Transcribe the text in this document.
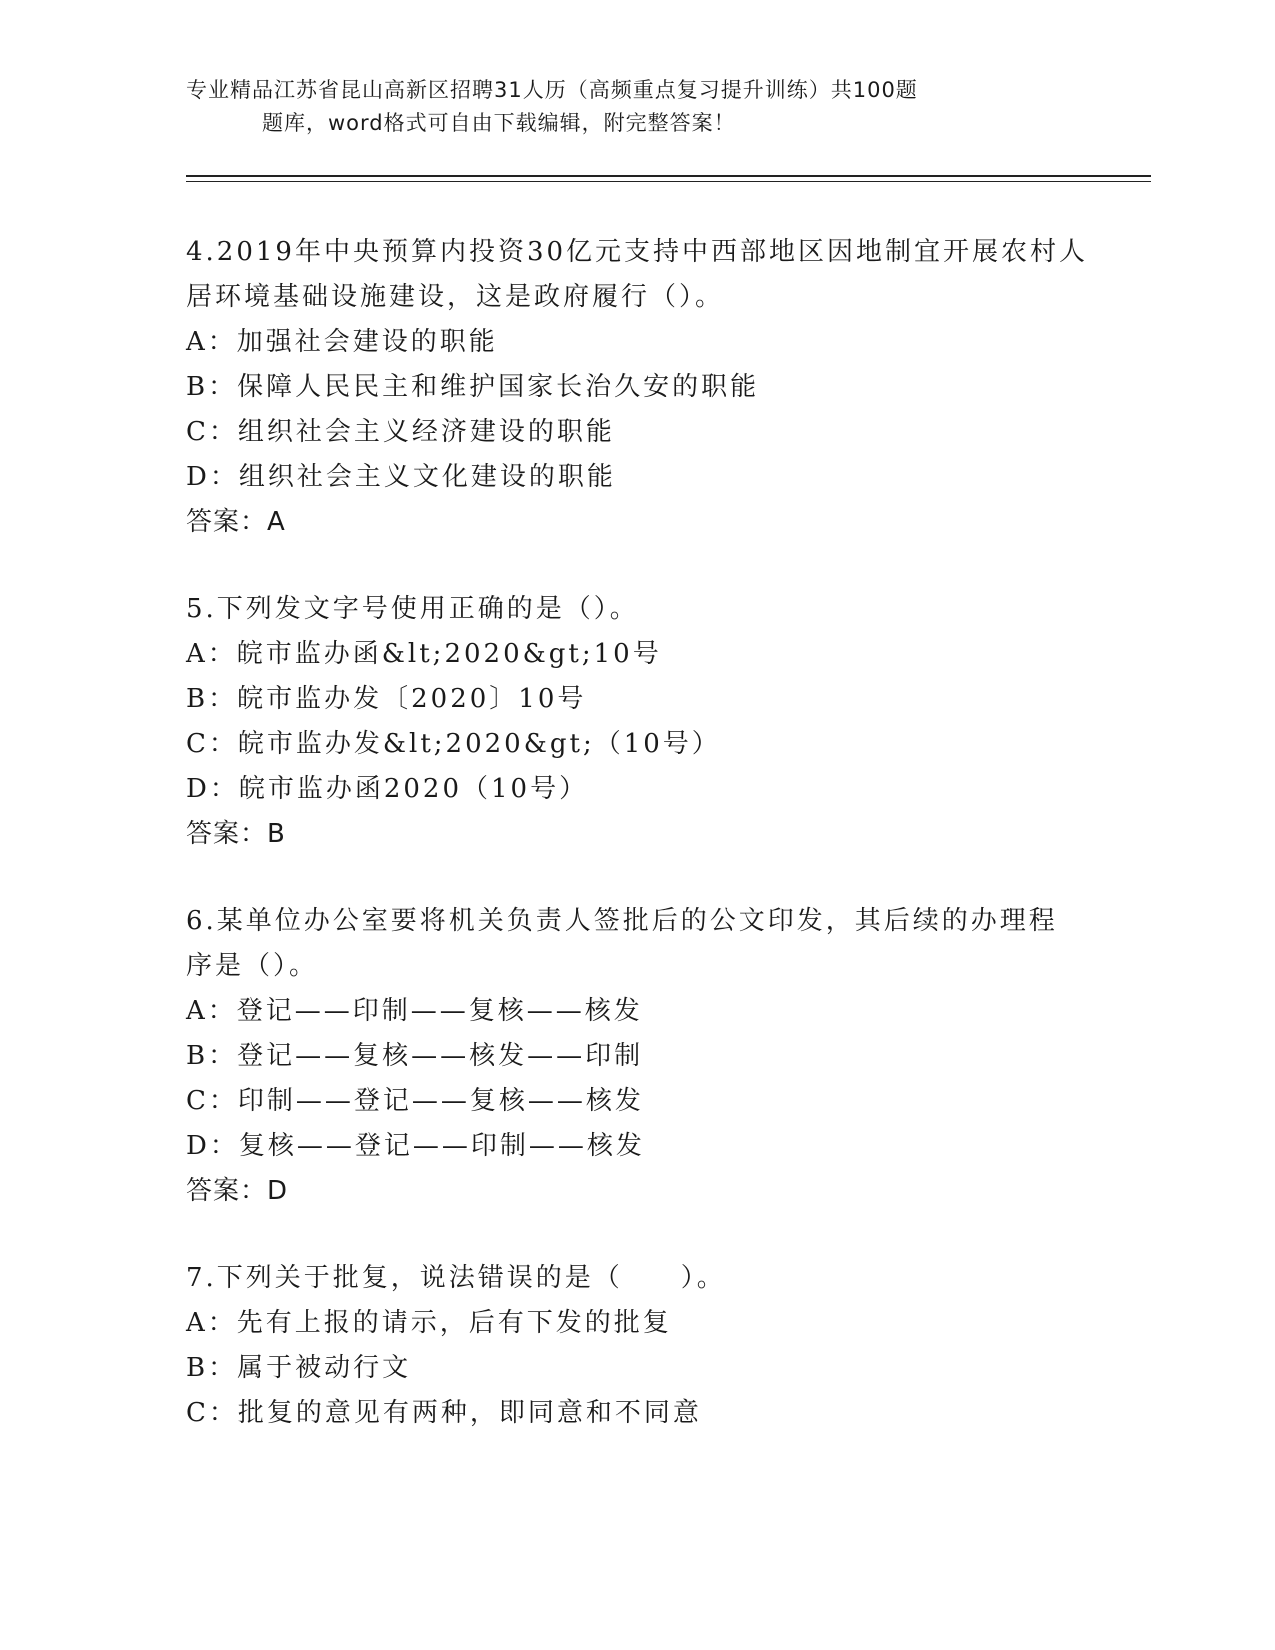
专业精品江苏省昆山高新区招聘31人历（高频重点复习提升训练）共100题
题库，word格式可自由下载编辑，附完整答案！
4.2019年中央预算内投资30亿元支持中西部地区因地制宜开展农村人
居环境基础设施建设，这是政府履行（）。
A：加强社会建设的职能
B：保障人民民主和维护国家长治久安的职能
C：组织社会主义经济建设的职能
D：组织社会主义文化建设的职能
答案：A
5.下列发文字号使用正确的是（）。
A：皖市监办函&lt;2020&gt;10号
B：皖市监办发〔2020〕10号
C：皖市监办发&lt;2020&gt;（10号）
D：皖市监办函2020（10号）
答案：B
6.某单位办公室要将机关负责人签批后的公文印发，其后续的办理程
序是（）。
A：登记——印制——复核——核发
B：登记——复核——核发——印制
C：印制——登记——复核——核发
D：复核——登记——印制——核发
答案：D
7.下列关于批复，说法错误的是（　　）。
A：先有上报的请示，后有下发的批复
B：属于被动行文
C：批复的意见有两种，即同意和不同意
